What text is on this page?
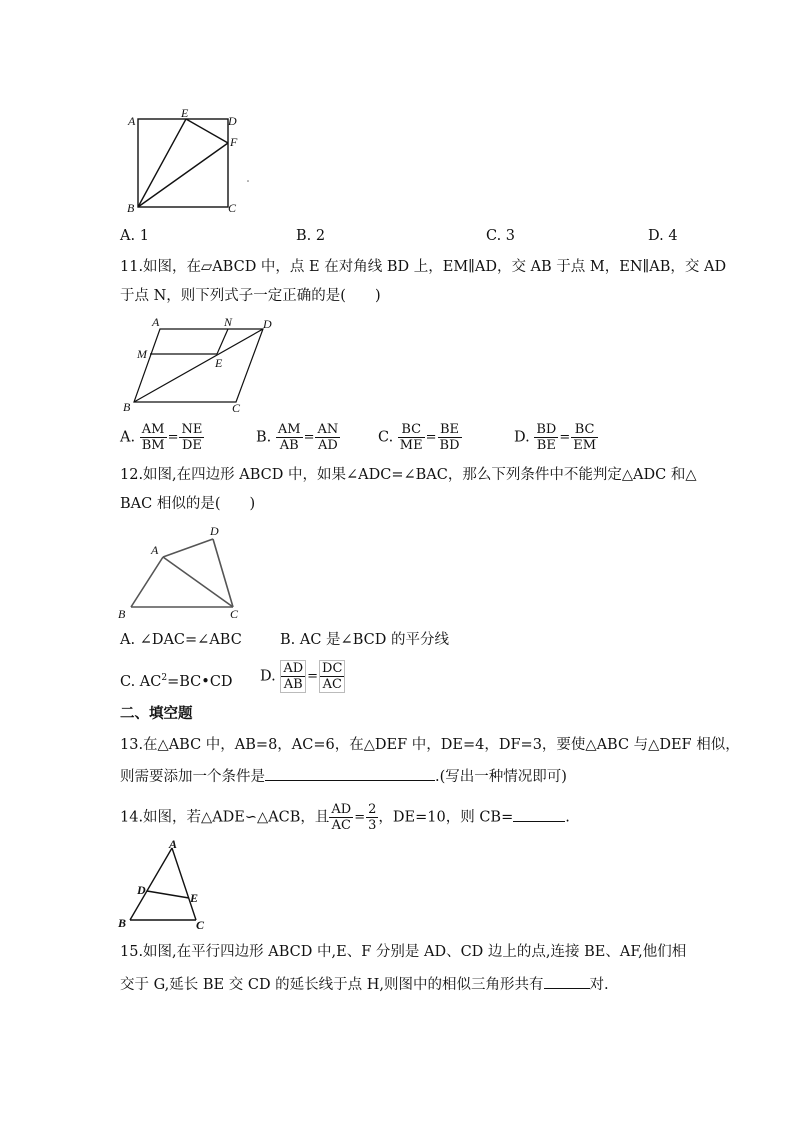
A
E
D
F
B	C
A. 1	B. 2	C. 3	D. 4
11.如图，在▱ABCD 中，点 E 在对角线 BD 上，EM∥AD，交 AB 于点 M，EN∥AB，交 AD
于点 N，则下列式子一定正确的是(　　)
A	N	D
M
E
B	C
A. $\frac{AM}{BM} = \frac{NE}{DE}$	B. $\frac{AM}{AB} = \frac{AN}{AD}$	C. $\frac{BC}{ME} = \frac{BE}{BD}$	D. $\frac{BD}{BE} = \frac{BC}{EM}$
12.如图,在四边形 ABCD 中，如果∠ADC=∠BAC，那么下列条件中不能判定△ADC 和△
BAC 相似的是(　　)
A
D
B	C
A. ∠DAC=∠ABC	B. AC 是∠BCD 的平分线
C. $AC^2=BC•CD$ D. $\frac{AD}{AB} = \frac{DC}{AC}$
二、填空题
13.在△ABC 中，AB=8，AC=6，在△DEF 中，DE=4，DF=3，要使△ABC 与△DEF 相似，
则需要添加一个条件是	.(写出一种情况即可)
14.如图，若△ADE∽△ACB，且 $\frac{AD}{AC} = \frac{2}{3}$ ，DE=10，则 CB=	.
A
D
E
B	C
15.如图,在平行四边形 ABCD 中,E、F 分别是 AD、CD 边上的点,连接 BE、AF,他们相
交于 G,延长 BE 交 CD 的延长线于点 H,则图中的相似三角形共有	对.
